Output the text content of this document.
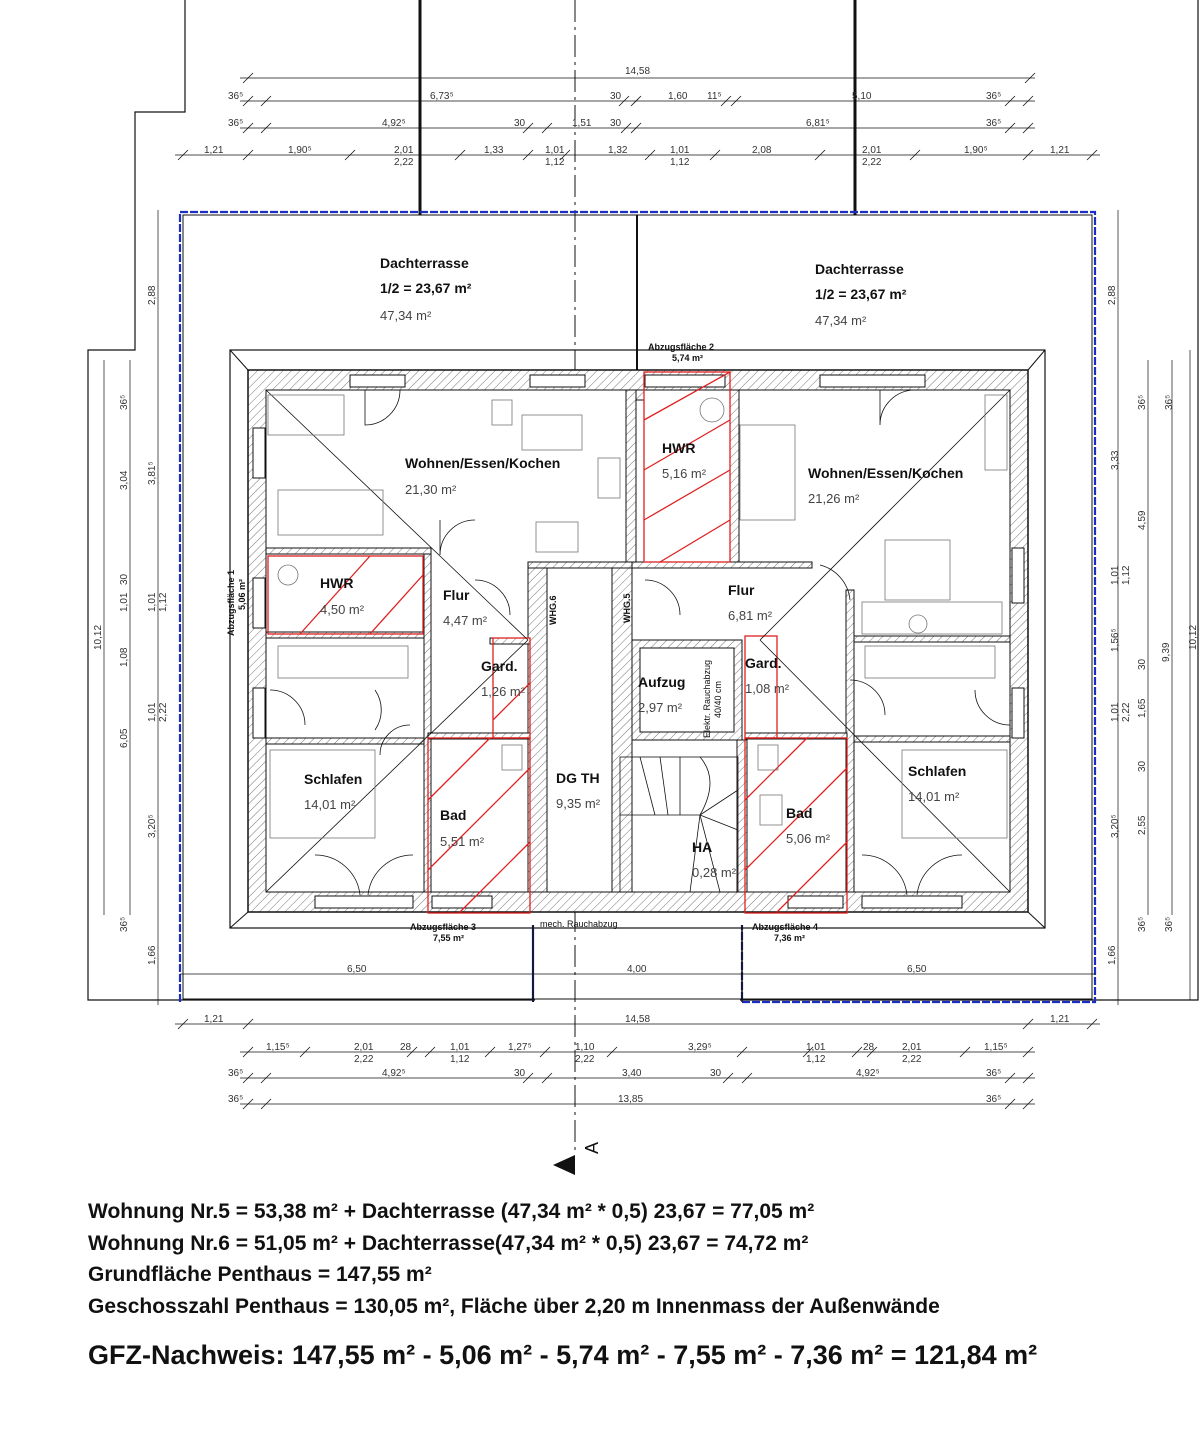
A
Dachterrasse
1/2 = 23,67 m²
47,34 m²
Dachterrasse
1/2 = 23,67 m²
47,34 m²
Wohnen/Essen/Kochen
21,30 m²
Wohnen/Essen/Kochen
21,26 m²
HWR
5,16 m²
HWR
4,50 m²
Flur
4,47 m²
Flur
6,81 m²
Gard.
1,26 m²
Gard.
1,08 m²
Aufzug
2,97 m²
Schlafen
14,01 m²
Schlafen
14,01 m²
Bad
5,51 m²
Bad
5,06 m²
DG TH
9,35 m²
HA
0,28 m²
WHG.6	WHG.5
Elektr. Rauchabzug 40/40 cm
mech. Rauchabzug
Abzugsfläche 1 5,06 m²
Abzugsfläche 2
5,74 m²
Abzugsfläche 3
7,55 m²
Abzugsfläche 4
7,36 m²
14,58
36⁵	6,73⁵	30	1,60 11⁵	5,10	36⁵
36⁵	4,92⁵	30	1,51 30	6,81⁵	36⁵
1,21	1,90⁵	2,01
2,22
1,33	1,01
1,12
1,32	1,01
1,12
2,08	2,01
2,22
1,90⁵	1,21
6,50	4,00	6,50
1,21	14,58	1,21
1,15⁵	2,01
2,22
28	1,01
1,12
1,27⁵	1,10
2,22
3,29⁵	1,01
1,12
28	2,01
2,22
1,15⁵
36⁵	4,92⁵	30	3,40	30	4,92⁵	36⁵
36⁵	13,85	36⁵
2,88
10,12
1,66
36⁵
3,04
30
1,01
1,08
6,05
36⁵
3,81⁵
1,01 1,12
1,01 2,22
3,20⁵
2,88
10,12
1,66
36⁵
3,33
1,01 1,12
1,56⁵
1,01 2,22
3,20⁵
36⁵
36⁵
4,59
30
9,39
1,65
30
2,55
36⁵
Wohnung Nr.5 = 53,38 m² + Dachterrasse (47,34 m² * 0,5) 23,67 = 77,05 m²
Wohnung Nr.6 = 51,05 m² + Dachterrasse(47,34 m² * 0,5) 23,67 = 74,72 m²
Grundfläche Penthaus = 147,55 m²
Geschosszahl Penthaus = 130,05 m², Fläche über 2,20 m Innenmass der Außenwände
GFZ-Nachweis: 147,55 m² - 5,06 m² - 5,74 m² - 7,55 m² - 7,36 m² = 121,84 m²
